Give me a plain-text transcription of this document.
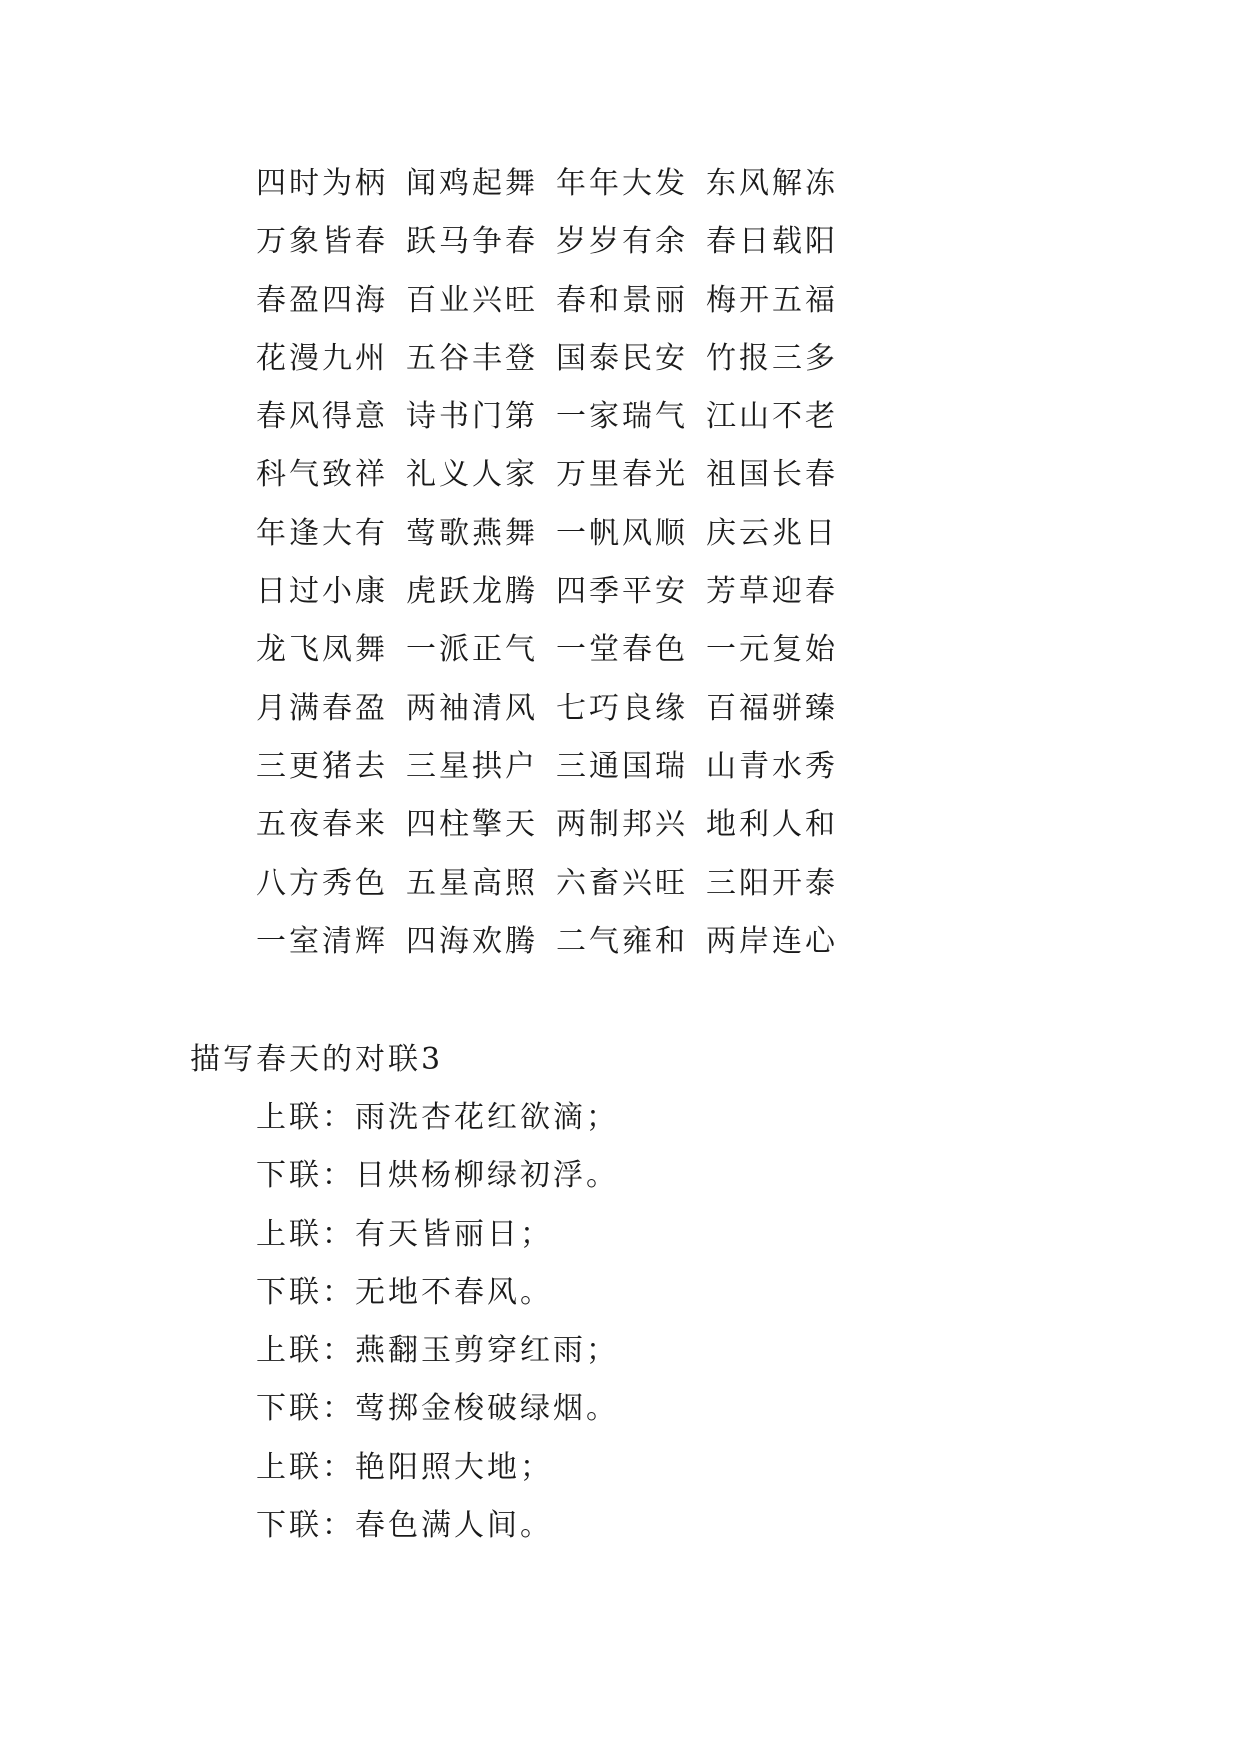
四时为柄 闻鸡起舞 年年大发 东风解冻
万象皆春 跃马争春 岁岁有余 春日载阳
春盈四海 百业兴旺 春和景丽 梅开五福
花漫九州 五谷丰登 国泰民安 竹报三多
春风得意 诗书门第 一家瑞气 江山不老
科气致祥 礼义人家 万里春光 祖国长春
年逢大有 莺歌燕舞 一帆风顺 庆云兆日
日过小康 虎跃龙腾 四季平安 芳草迎春
龙飞凤舞 一派正气 一堂春色 一元复始
月满春盈 两袖清风 七巧良缘 百福骈臻
三更猪去 三星拱户 三通国瑞 山青水秀
五夜春来 四柱擎天 两制邦兴 地利人和
八方秀色 五星高照 六畜兴旺 三阳开泰
一室清辉 四海欢腾 二气雍和 两岸连心
描写春天的对联3
上联：雨洗杏花红欲滴；
下联：日烘杨柳绿初浮。
上联：有天皆丽日；
下联：无地不春风。
上联：燕翻玉剪穿红雨；
下联：莺掷金梭破绿烟。
上联：艳阳照大地；
下联：春色满人间。
